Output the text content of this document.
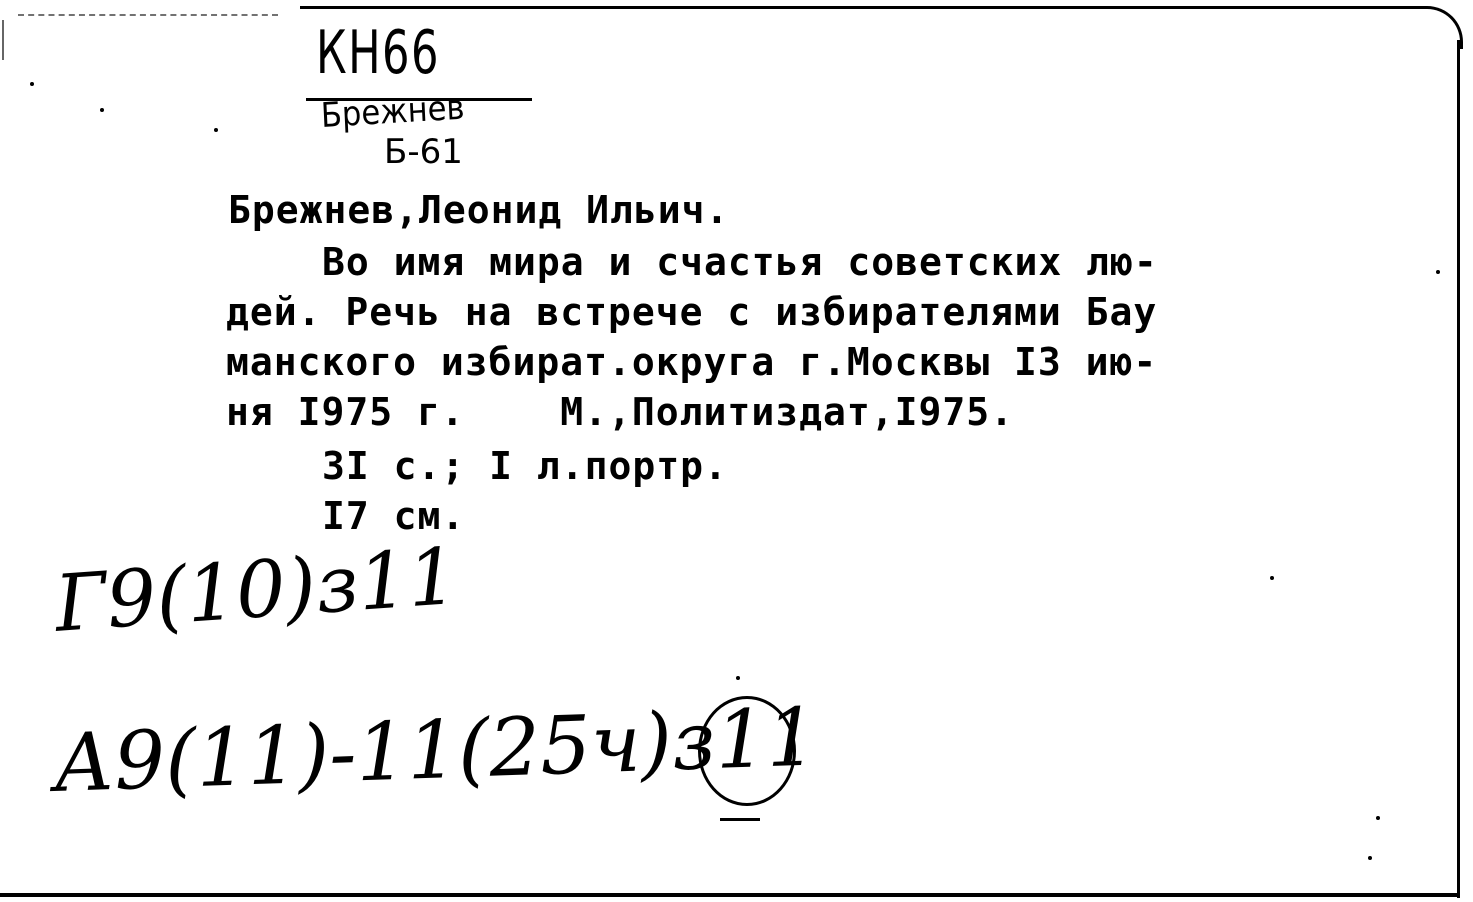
КН66
Брежнев
Б-61
Брежнев,Леонид Ильич.
Во имя мира и счастья советских лю-
дей. Речь на встрече с избирателями Бау
манского избират.округа г.Москвы I3 ию-
ня I975 г.    М.,Политиздат,I975.
3I с.; I л.портр.
I7 см.
Г9(10)з11
А9(11)-11(25ч)з11
